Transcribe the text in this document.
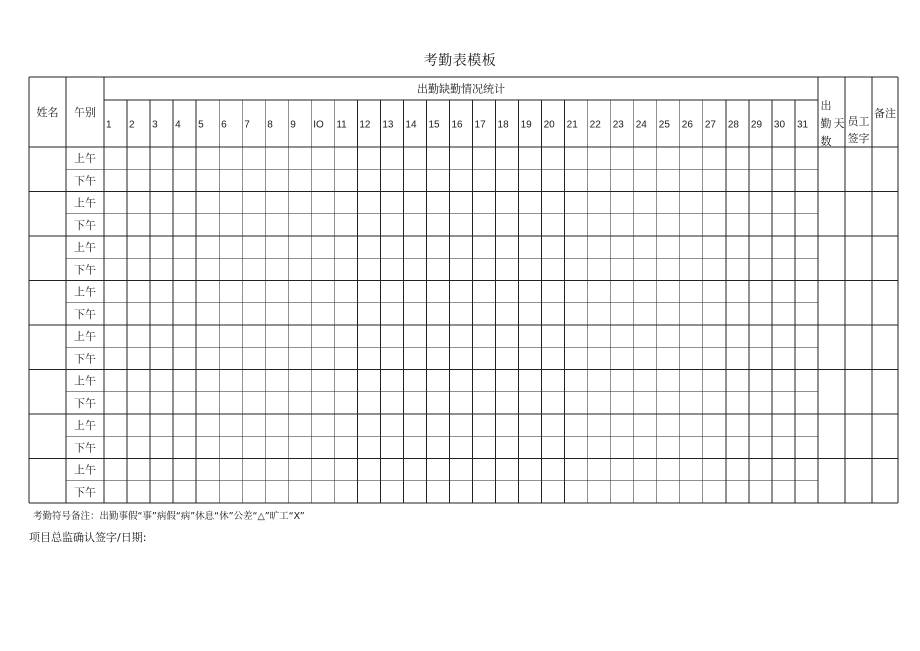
考勤表模板
上午
下午
上午
下午
上午
下午
上午
下午
上午
下午
上午
下午
上午
下午
上午
下午
姓名 午别
出勤缺勤情况统计
1 2 3 4 5 6 7 8 9 IO 11 12 13 14 15 16 17 18 19 20 21 22 23 24 25 26 27 28 29 30 31
出
勤
数
天 员工
签字
备注
考勤符号备注：出勤事假“事”病假“病”休息“休”公差“△”旷工“X”
项目总监确认签字/日期:
